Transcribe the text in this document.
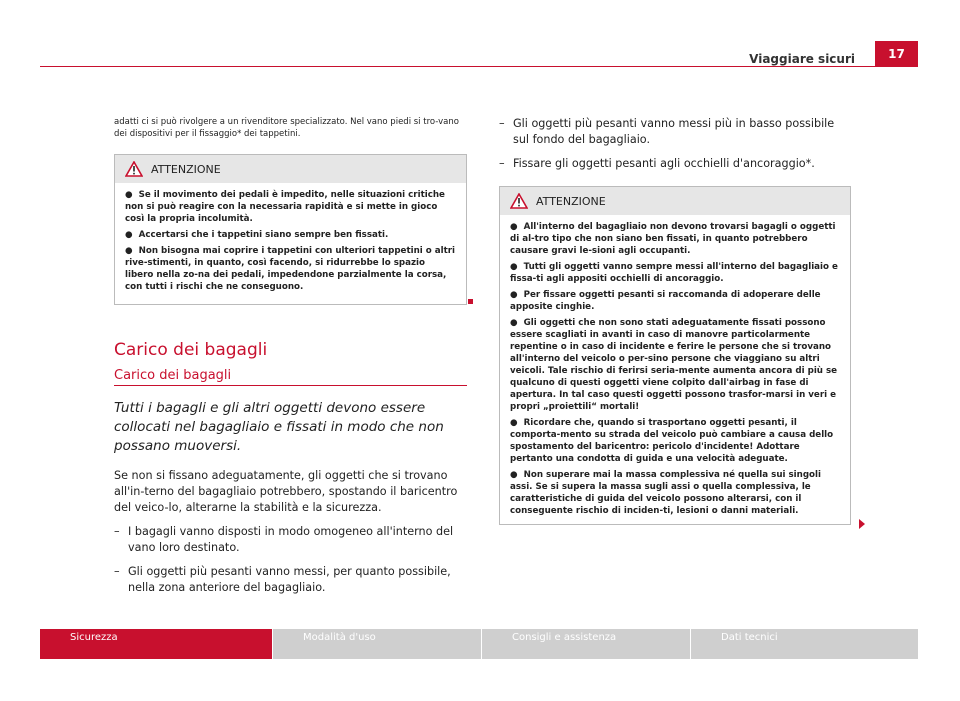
Viaggiare sicuri	17

adatti ci si può rivolgere a un rivenditore specializzato. Nel vano piedi si tro-vano dei dispositivi per il fissaggio* dei tappetini.

ATTENZIONE
● Se il movimento dei pedali è impedito, nelle situazioni critiche non si può reagire con la necessaria rapidità e si mette in gioco così la propria incolumità.
● Accertarsi che i tappetini siano sempre ben fissati.
● Non bisogna mai coprire i tappetini con ulteriori tappetini o altri rive-stimenti, in quanto, così facendo, si ridurrebbe lo spazio libero nella zo-na dei pedali, impedendone parzialmente la corsa, con tutti i rischi che ne conseguono.
Carico dei bagagli
Carico dei bagagli

Tutti i bagagli e gli altri oggetti devono essere collocati nel bagagliaio e fissati in modo che non possano muoversi.

Se non si fissano adeguatamente, gli oggetti che si trovano all'in-terno del bagagliaio potrebbero, spostando il baricentro del veico-lo, alterarne la stabilità e la sicurezza.

– I bagagli vanno disposti in modo omogeneo all'interno del vano loro destinato.
– Gli oggetti più pesanti vanno messi, per quanto possibile, nella zona anteriore del bagagliaio.
– Gli oggetti più pesanti vanno messi più in basso possibile sul fondo del bagagliaio.
– Fissare gli oggetti pesanti agli occhielli d'ancoraggio*.
ATTENZIONE
● All'interno del bagagliaio non devono trovarsi bagagli o oggetti di al-tro tipo che non siano ben fissati, in quanto potrebbero causare gravi le-sioni agli occupanti.
● Tutti gli oggetti vanno sempre messi all'interno del bagagliaio e fissa-ti agli appositi occhielli di ancoraggio.
● Per fissare oggetti pesanti si raccomanda di adoperare delle apposite cinghie.
● Gli oggetti che non sono stati adeguatamente fissati possono essere scagliati in avanti in caso di manovre particolarmente repentine o in caso di incidente e ferire le persone che si trovano all'interno del veicolo o per-sino persone che viaggiano su altri veicoli. Tale rischio di ferirsi seria-mente aumenta ancora di più se qualcuno di questi oggetti viene colpito dall'airbag in fase di apertura. In tal caso questi oggetti possono trasfor-marsi in veri e propri „proiettili“ mortali!
● Ricordare che, quando si trasportano oggetti pesanti, il comporta-mento su strada del veicolo può cambiare a causa dello spostamento del baricentro: pericolo d'incidente! Adottare pertanto una condotta di guida e una velocità adeguate.
● Non superare mai la massa complessiva né quella sui singoli assi. Se si supera la massa sugli assi o quella complessiva, le caratteristiche di guida del veicolo possono alterarsi, con il conseguente rischio di inciden-ti, lesioni o danni materiali.
Sicurezza	Modalità d'uso	Consigli e assistenza	Dati tecnici
